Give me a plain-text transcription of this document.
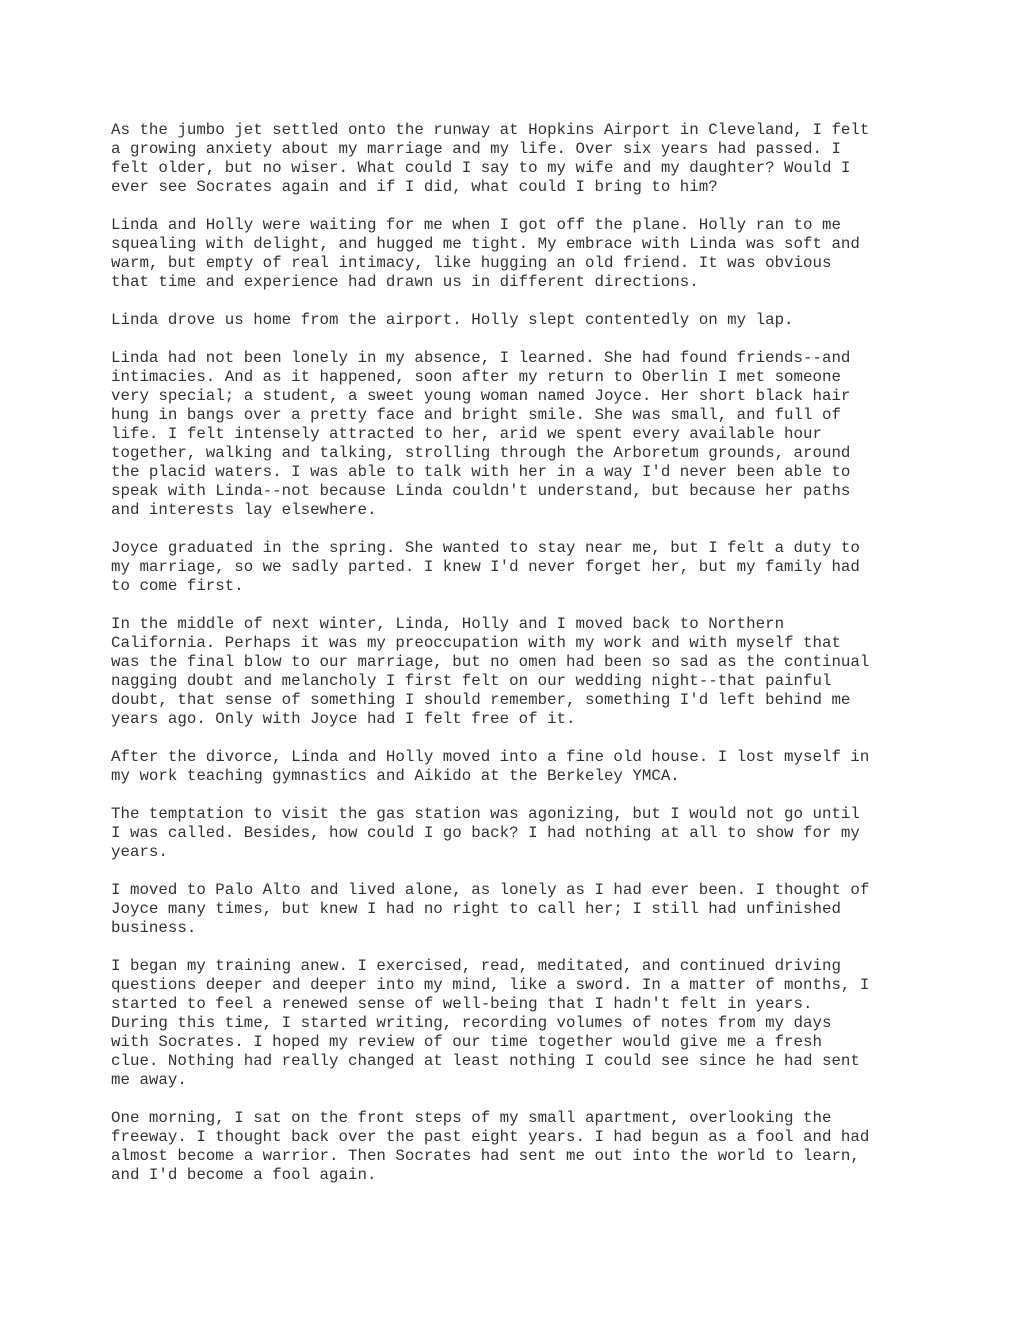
As the jumbo jet settled onto the runway at Hopkins Airport in Cleveland, I felt
a growing anxiety about my marriage and my life. Over six years had passed. I
felt older, but no wiser. What could I say to my wife and my daughter? Would I
ever see Socrates again and if I did, what could I bring to him?

Linda and Holly were waiting for me when I got off the plane. Holly ran to me
squealing with delight, and hugged me tight. My embrace with Linda was soft and
warm, but empty of real intimacy, like hugging an old friend. It was obvious
that time and experience had drawn us in different directions.

Linda drove us home from the airport. Holly slept contentedly on my lap.

Linda had not been lonely in my absence, I learned. She had found friends--and
intimacies. And as it happened, soon after my return to Oberlin I met someone
very special; a student, a sweet young woman named Joyce. Her short black hair
hung in bangs over a pretty face and bright smile. She was small, and full of
life. I felt intensely attracted to her, arid we spent every available hour
together, walking and talking, strolling through the Arboretum grounds, around
the placid waters. I was able to talk with her in a way I'd never been able to
speak with Linda--not because Linda couldn't understand, but because her paths
and interests lay elsewhere.

Joyce graduated in the spring. She wanted to stay near me, but I felt a duty to
my marriage, so we sadly parted. I knew I'd never forget her, but my family had
to come first.

In the middle of next winter, Linda, Holly and I moved back to Northern
California. Perhaps it was my preoccupation with my work and with myself that
was the final blow to our marriage, but no omen had been so sad as the continual
nagging doubt and melancholy I first felt on our wedding night--that painful
doubt, that sense of something I should remember, something I'd left behind me
years ago. Only with Joyce had I felt free of it.

After the divorce, Linda and Holly moved into a fine old house. I lost myself in
my work teaching gymnastics and Aikido at the Berkeley YMCA.

The temptation to visit the gas station was agonizing, but I would not go until
I was called. Besides, how could I go back? I had nothing at all to show for my
years.

I moved to Palo Alto and lived alone, as lonely as I had ever been. I thought of
Joyce many times, but knew I had no right to call her; I still had unfinished
business.

I began my training anew. I exercised, read, meditated, and continued driving
questions deeper and deeper into my mind, like a sword. In a matter of months, I
started to feel a renewed sense of well-being that I hadn't felt in years.
During this time, I started writing, recording volumes of notes from my days
with Socrates. I hoped my review of our time together would give me a fresh
clue. Nothing had really changed at least nothing I could see since he had sent
me away.

One morning, I sat on the front steps of my small apartment, overlooking the
freeway. I thought back over the past eight years. I had begun as a fool and had
almost become a warrior. Then Socrates had sent me out into the world to learn,
and I'd become a fool again.
